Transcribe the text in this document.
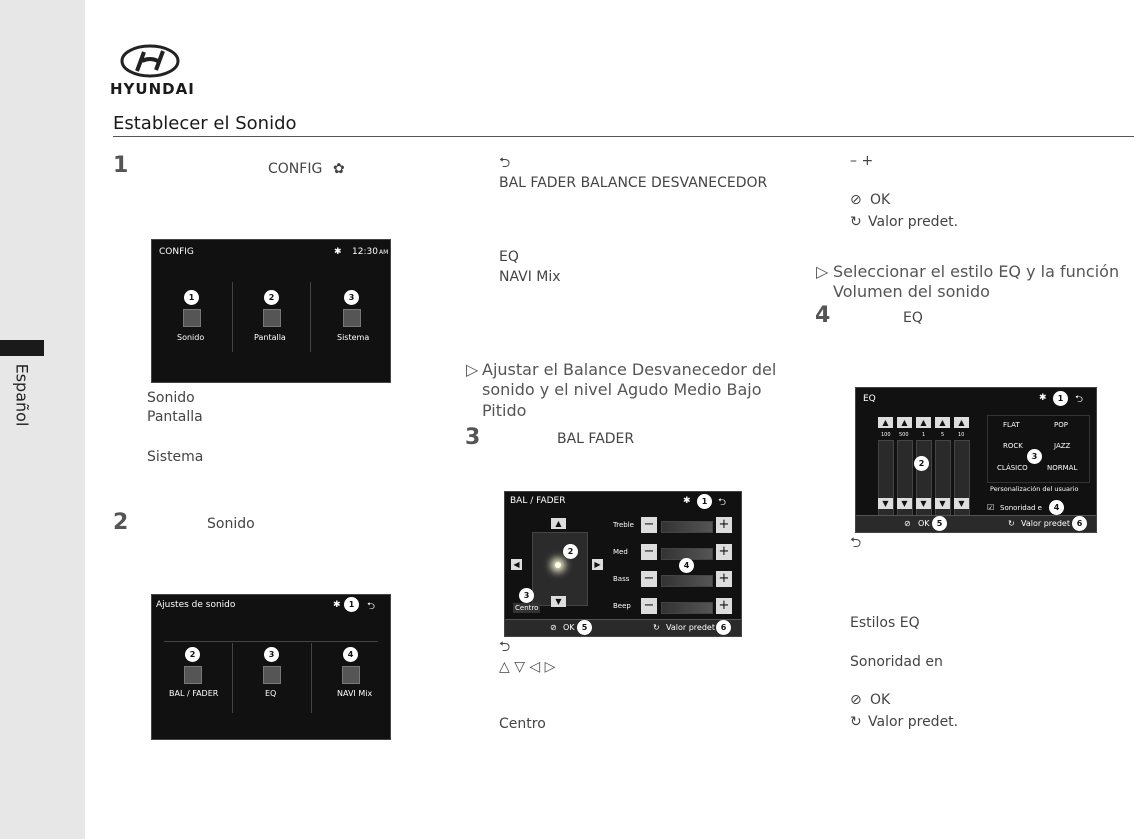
Español
HYUNDAI
Establecer el Sonido
1	CONFIG ✿
CONFIG	✱ 12:30 AM
1	2	3
Sonido	Pantalla	Sistema
Sonido
Pantalla
Sistema
2	Sonido
Ajustes de sonido	✱	1	⮌
2	3	4
BAL / FADER	EQ	NAVI Mix
⮌
BAL FADER BALANCE DESVANECEDOR
EQ
NAVI Mix
▷ Ajustar el Balance Desvanecedor del
sonido y el nivel Agudo Medio Bajo
Pitido
3	BAL FADER
BAL / FADER	✱	1	⮌
▲
▼
◀	▶
2
3
Centro
Treble −	+
Med −	+
Bass −	+
Beep −	+
4
⊘ OK 5	↻ Valor predet 6
⮌
△ ▽ ◁ ▷
Centro
– +
⊘ OK
↻ Valor predet.
▷ Seleccionar el estilo EQ y la función
Volumen del sonido
4	EQ
EQ	✱	1	⮌
▲	▲	▲	▲	▲
100 500	1	5	10
▼	▼	▼	▼	▼
2
FLAT	POP
ROCK	JAZZ
CLÁSICO	NORMAL
3
Personalización del usuario
☑ Sonoridad e	4
⊘ OK 5	↻ Valor predet 6
⮌
Estilos EQ
Sonoridad en
⊘ OK
↻ Valor predet.
